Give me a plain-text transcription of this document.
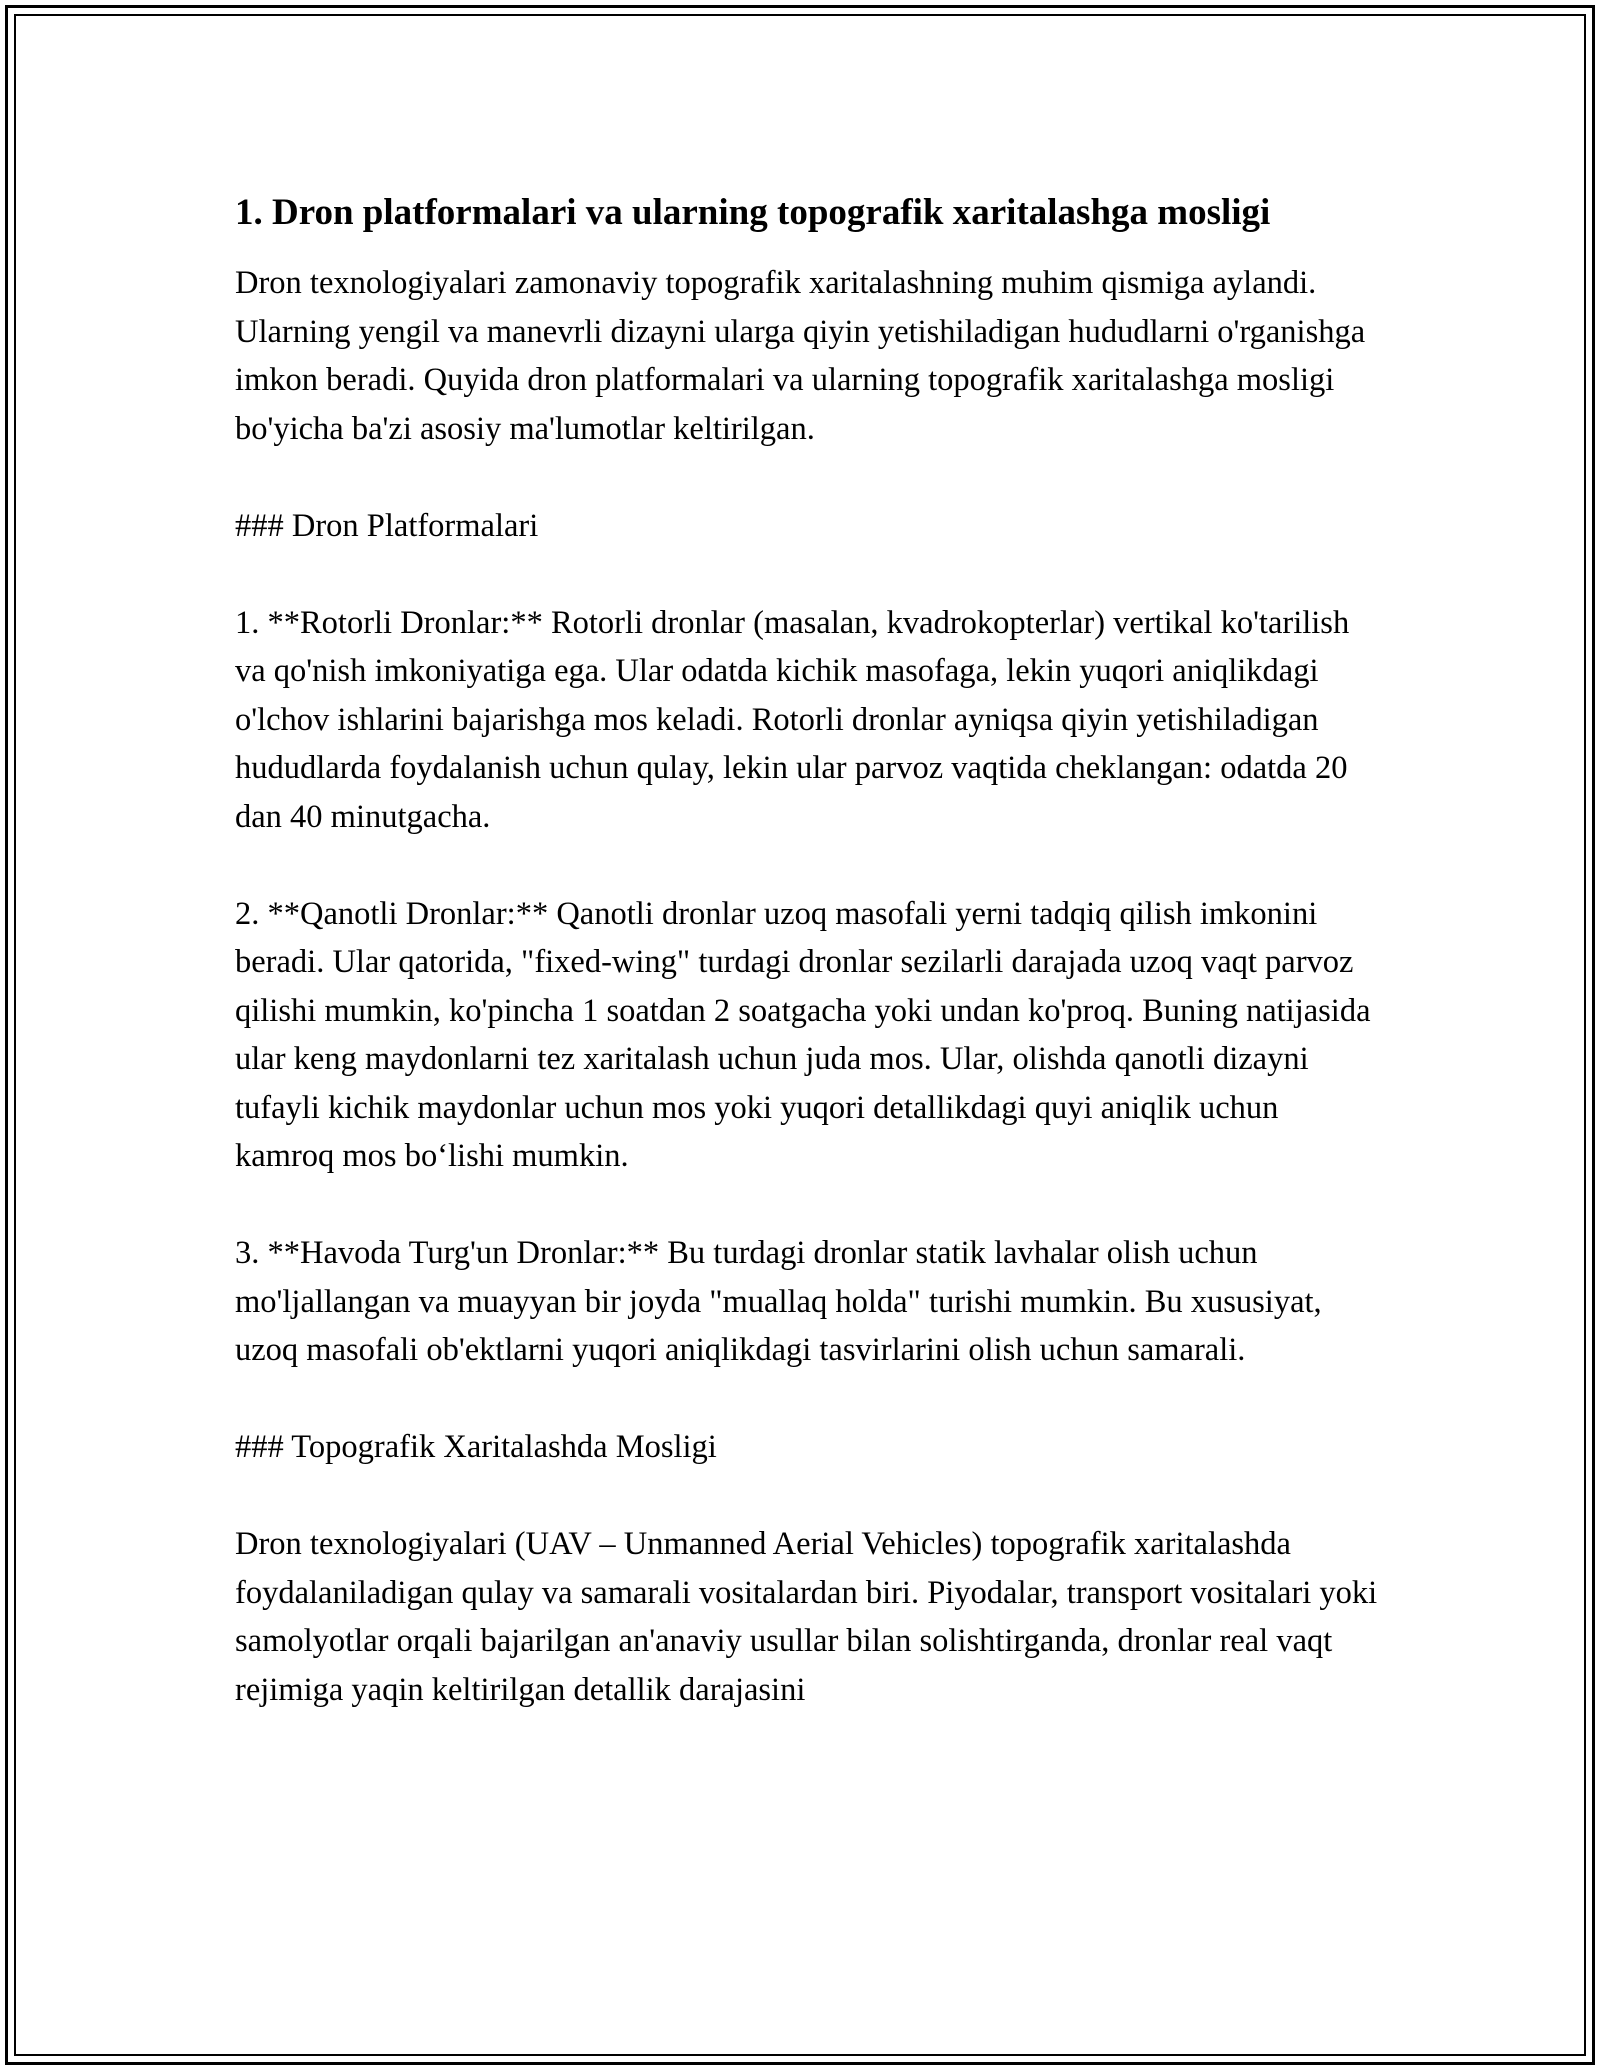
1. Dron platformalari va ularning topografik xaritalashga mosligi

Dron texnologiyalari zamonaviy topografik xaritalashning muhim qismiga aylandi. Ularning yengil va manevrli dizayni ularga qiyin yetishiladigan hududlarni o'rganishga imkon beradi. Quyida dron platformalari va ularning topografik xaritalashga mosligi bo'yicha ba'zi asosiy ma'lumotlar keltirilgan.

### Dron Platformalari

1. **Rotorli Dronlar:** Rotorli dronlar (masalan, kvadrokopterlar) vertikal ko'tarilish va qo'nish imkoniyatiga ega. Ular odatda kichik masofaga, lekin yuqori aniqlikdagi o'lchov ishlarini bajarishga mos keladi. Rotorli dronlar ayniqsa qiyin yetishiladigan hududlarda foydalanish uchun qulay, lekin ular parvoz vaqtida cheklangan: odatda 20 dan 40 minutgacha.

2. **Qanotli Dronlar:** Qanotli dronlar uzoq masofali yerni tadqiq qilish imkonini beradi. Ular qatorida, "fixed-wing" turdagi dronlar sezilarli darajada uzoq vaqt parvoz qilishi mumkin, ko'pincha 1 soatdan 2 soatgacha yoki undan ko'proq. Buning natijasida ular keng maydonlarni tez xaritalash uchun juda mos. Ular, olishda qanotli dizayni tufayli kichik maydonlar uchun mos yoki yuqori detallikdagi quyi aniqlik uchun kamroq mos bo‘lishi mumkin.

3. **Havoda Turg'un Dronlar:** Bu turdagi dronlar statik lavhalar olish uchun mo'ljallangan va muayyan bir joyda "muallaq holda" turishi mumkin. Bu xususiyat, uzoq masofali ob'ektlarni yuqori aniqlikdagi tasvirlarini olish uchun samarali.

### Topografik Xaritalashda Mosligi

Dron texnologiyalari (UAV – Unmanned Aerial Vehicles) topografik xaritalashda foydalaniladigan qulay va samarali vositalardan biri. Piyodalar, transport vositalari yoki samolyotlar orqali bajarilgan an'anaviy usullar bilan solishtirganda, dronlar real vaqt rejimiga yaqin keltirilgan detallik darajasini
